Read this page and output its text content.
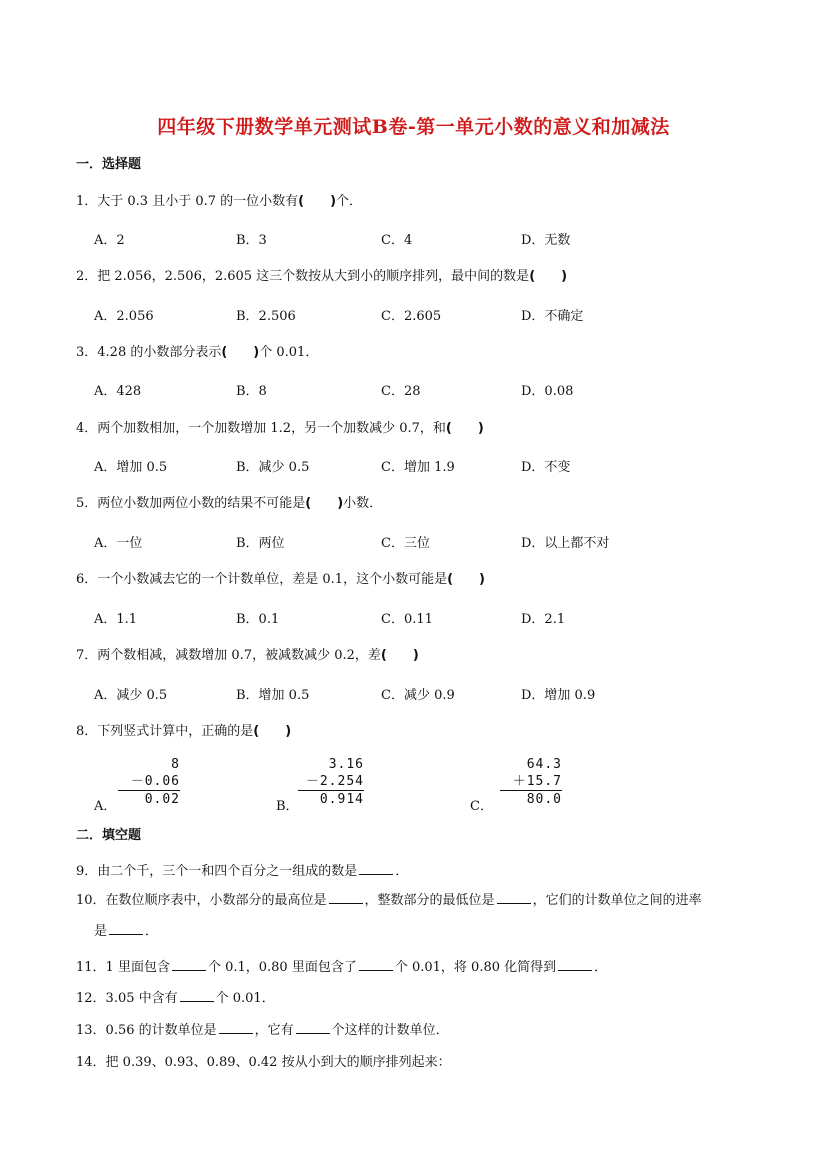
四年级下册数学单元测试B卷-第一单元小数的意义和加减法
一．选择题
1．大于 0.3 且小于 0.7 的一位小数有(　　)个．
A．2	B．3	C．4	D．无数
2．把 2.056，2.506，2.605 这三个数按从大到小的顺序排列，最中间的数是(　　)
A．2.056	B．2.506	C．2.605	D．不确定
3．4.28 的小数部分表示(　　)个 0.01．
A．428	B．8	C．28	D．0.08
4．两个加数相加，一个加数增加 1.2，另一个加数减少 0.7，和(　　)
A．增加 0.5	B．减少 0.5	C．增加 1.9	D．不变
5．两位小数加两位小数的结果不可能是(　　)小数．
A．一位	B．两位	C．三位	D．以上都不对
6．一个小数减去它的一个计数单位，差是 0.1，这个小数可能是(　　)
A．1.1	B．0.1	C．0.11	D．2.1
7．两个数相减，减数增加 0.7，被减数减少 0.2，差(　　)
A．减少 0.5	B．增加 0.5	C．减少 0.9	D．增加 0.9
8．下列竖式计算中，正确的是(　　)
A．
8
－0.06
0.02	B．
3.16
－2.254
0.914	C．
64.3
＋15.7
80.0
二．填空题
9．由二个千，三个一和四个百分之一组成的数是	．
10．在数位顺序表中，小数部分的最高位是	，整数部分的最低位是	，它们的计数单位之间的进率
是	．
11．1 里面包含	个 0.1，0.80 里面包含了	个 0.01，将 0.80 化简得到	．
12．3.05 中含有	个 0.01．
13．0.56 的计数单位是	，它有	个这样的计数单位．
14．把 0.39、0.93、0.89、0.42 按从小到大的顺序排列起来：
